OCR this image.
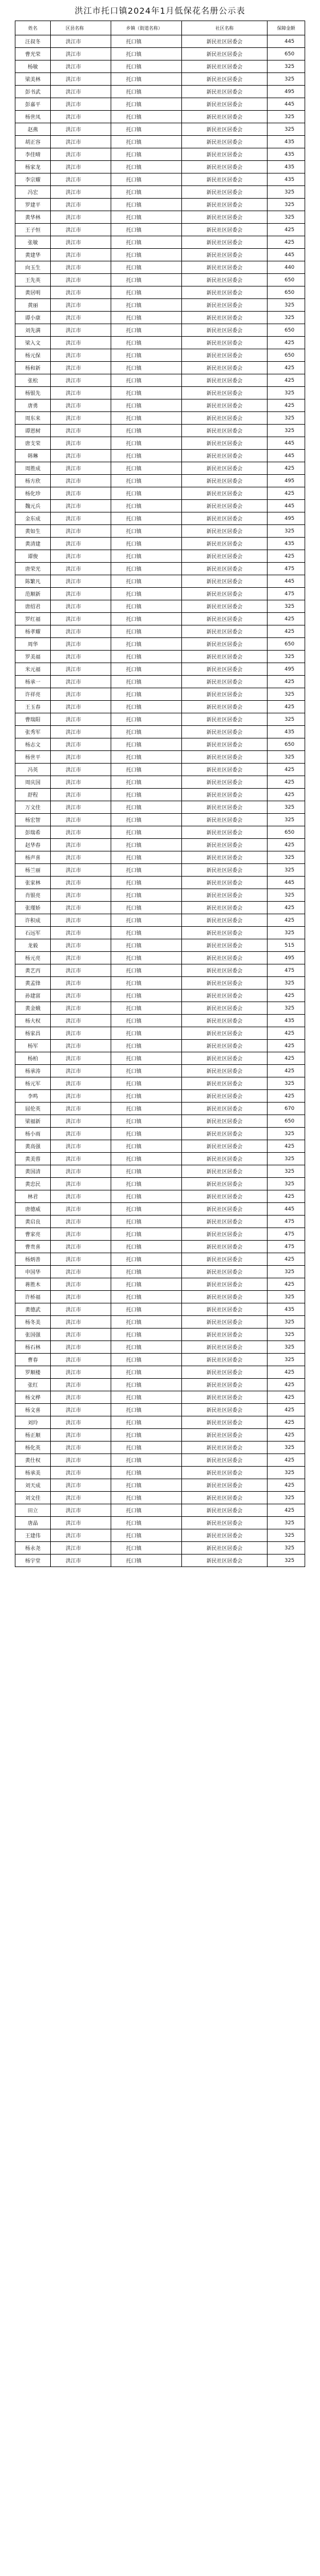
洪江市托口镇2024年1月低保花名册公示表
姓名	区县名称	乡镇（街道名称）	社区名称	保障金额
汪叔冬	洪江市	托口镇	新民社区居委会	445
曹光荣	洪江市	托口镇	新民社区居委会	650
杨敏	洪江市	托口镇	新民社区居委会	325
梁美林	洪江市	托口镇	新民社区居委会	325
彭书武	洪江市	托口镇	新民社区居委会	495
彭嘉平	洪江市	托口镇	新民社区居委会	445
杨世凤	洪江市	托口镇	新民社区居委会	325
赵燕	洪江市	托口镇	新民社区居委会	325
胡正容	洪江市	托口镇	新民社区居委会	435
李佳晴	洪江市	托口镇	新民社区居委会	435
杨家龙	洪江市	托口镇	新民社区居委会	435
李宗耀	洪江市	托口镇	新民社区居委会	435
冯宏	洪江市	托口镇	新民社区居委会	325
罗建平	洪江市	托口镇	新民社区居委会	325
黄华林	洪江市	托口镇	新民社区居委会	325
王子恒	洪江市	托口镇	新民社区居委会	425
张敏	洪江市	托口镇	新民社区居委会	425
黄建华	洪江市	托口镇	新民社区居委会	445
向玉生	洪江市	托口镇	新民社区居委会	440
王先英	洪江市	托口镇	新民社区居委会	650
黄居明	洪江市	托口镇	新民社区居委会	650
黄丽	洪江市	托口镇	新民社区居委会	325
谭小康	洪江市	托口镇	新民社区居委会	325
刘先满	洪江市	托口镇	新民社区居委会	650
梁入文	洪江市	托口镇	新民社区居委会	425
杨元保	洪江市	托口镇	新民社区居委会	650
杨和新	洪江市	托口镇	新民社区居委会	425
张松	洪江市	托口镇	新民社区居委会	425
杨银先	洪江市	托口镇	新民社区居委会	325
唐勇	洪江市	托口镇	新民社区居委会	425
周东来	洪江市	托口镇	新民社区居委会	325
谭恩树	洪江市	托口镇	新民社区居委会	325
唐支荣	洪江市	托口镇	新民社区居委会	445
韩琳	洪江市	托口镇	新民社区居委会	445
周胜成	洪江市	托口镇	新民社区居委会	425
杨方欣	洪江市	托口镇	新民社区居委会	495
杨化珍	洪江市	托口镇	新民社区居委会	425
魏元兵	洪江市	托口镇	新民社区居委会	445
金东成	洪江市	托口镇	新民社区居委会	495
黄如生	洪江市	托口镇	新民社区居委会	325
黄清建	洪江市	托口镇	新民社区居委会	435
谭俊	洪江市	托口镇	新民社区居委会	425
唐荣光	洪江市	托口镇	新民社区居委会	475
陈繁凡	洪江市	托口镇	新民社区居委会	445
范顺新	洪江市	托口镇	新民社区居委会	475
唐绍君	洪江市	托口镇	新民社区居委会	325
罗红福	洪江市	托口镇	新民社区居委会	425
杨孝耀	洪江市	托口镇	新民社区居委会	425
周华	洪江市	托口镇	新民社区居委会	650
罗美福	洪江市	托口镇	新民社区居委会	325
米元福	洪江市	托口镇	新民社区居委会	495
杨承一	洪江市	托口镇	新民社区居委会	425
许祥亮	洪江市	托口镇	新民社区居委会	325
王玉春	洪江市	托口镇	新民社区居委会	425
曹瑞阳	洪江市	托口镇	新民社区居委会	325
张秀军	洪江市	托口镇	新民社区居委会	435
杨志文	洪江市	托口镇	新民社区居委会	650
杨世平	洪江市	托口镇	新民社区居委会	325
冯英	洪江市	托口镇	新民社区居委会	425
周庆国	洪江市	托口镇	新民社区居委会	425
舒程	洪江市	托口镇	新民社区居委会	425
万文佳	洪江市	托口镇	新民社区居委会	325
杨宏智	洪江市	托口镇	新民社区居委会	325
彭瑞希	洪江市	托口镇	新民社区居委会	650
赵华春	洪江市	托口镇	新民社区居委会	425
杨声喜	洪江市	托口镇	新民社区居委会	325
杨兰丽	洪江市	托口镇	新民社区居委会	325
张家林	洪江市	托口镇	新民社区居委会	445
肖银亮	洪江市	托口镇	新民社区居委会	325
张瑾娇	洪江市	托口镇	新民社区居委会	425
许积成	洪江市	托口镇	新民社区居委会	425
石远军	洪江市	托口镇	新民社区居委会	325
龙毅	洪江市	托口镇	新民社区居委会	515
杨元亮	洪江市	托口镇	新民社区居委会	495
黄艺丙	洪江市	托口镇	新民社区居委会	475
黄孟锋	洪江市	托口镇	新民社区居委会	325
孙建富	洪江市	托口镇	新民社区居委会	425
黄金娥	洪江市	托口镇	新民社区居委会	325
杨大权	洪江市	托口镇	新民社区居委会	435
杨家昌	洪江市	托口镇	新民社区居委会	425
杨军	洪江市	托口镇	新民社区居委会	425
杨柏	洪江市	托口镇	新民社区居委会	425
杨承涛	洪江市	托口镇	新民社区居委会	425
杨元军	洪江市	托口镇	新民社区居委会	325
李鸣	洪江市	托口镇	新民社区居委会	425
屈伦英	洪江市	托口镇	新民社区居委会	670
梁福新	洪江市	托口镇	新民社区居委会	650
杨小雨	洪江市	托口镇	新民社区居委会	325
黄高强	洪江市	托口镇	新民社区居委会	425
黄美蓉	洪江市	托口镇	新民社区居委会	325
黄国清	洪江市	托口镇	新民社区居委会	325
黄忠民	洪江市	托口镇	新民社区居委会	325
林君	洪江市	托口镇	新民社区居委会	425
唐德威	洪江市	托口镇	新民社区居委会	445
黄启良	洪江市	托口镇	新民社区居委会	475
曹家亮	洪江市	托口镇	新民社区居委会	475
曹贵喜	洪江市	托口镇	新民社区居委会	475
杨炳善	洪江市	托口镇	新民社区居委会	425
申国华	洪江市	托口镇	新民社区居委会	325
蒋胜木	洪江市	托口镇	新民社区居委会	425
许桥福	洪江市	托口镇	新民社区居委会	325
黄德武	洪江市	托口镇	新民社区居委会	435
杨冬美	洪江市	托口镇	新民社区居委会	325
张国强	洪江市	托口镇	新民社区居委会	325
杨石林	洪江市	托口镇	新民社区居委会	325
曹春	洪江市	托口镇	新民社区居委会	325
罗顺楼	洪江市	托口镇	新民社区居委会	425
张红	洪江市	托口镇	新民社区居委会	425
杨文桦	洪江市	托口镇	新民社区居委会	425
杨文喜	洪江市	托口镇	新民社区居委会	425
刘玲	洪江市	托口镇	新民社区居委会	425
杨正顺	洪江市	托口镇	新民社区居委会	425
杨化英	洪江市	托口镇	新民社区居委会	325
黄仕权	洪江市	托口镇	新民社区居委会	425
杨承美	洪江市	托口镇	新民社区居委会	325
刘天成	洪江市	托口镇	新民社区居委会	425
刘文佳	洪江市	托口镇	新民社区居委会	325
田立	洪江市	托口镇	新民社区居委会	425
唐晶	洪江市	托口镇	新民社区居委会	325
王建伟	洪江市	托口镇	新民社区居委会	325
杨永尧	洪江市	托口镇	新民社区居委会	325
杨宇堂	洪江市	托口镇	新民社区居委会	325
